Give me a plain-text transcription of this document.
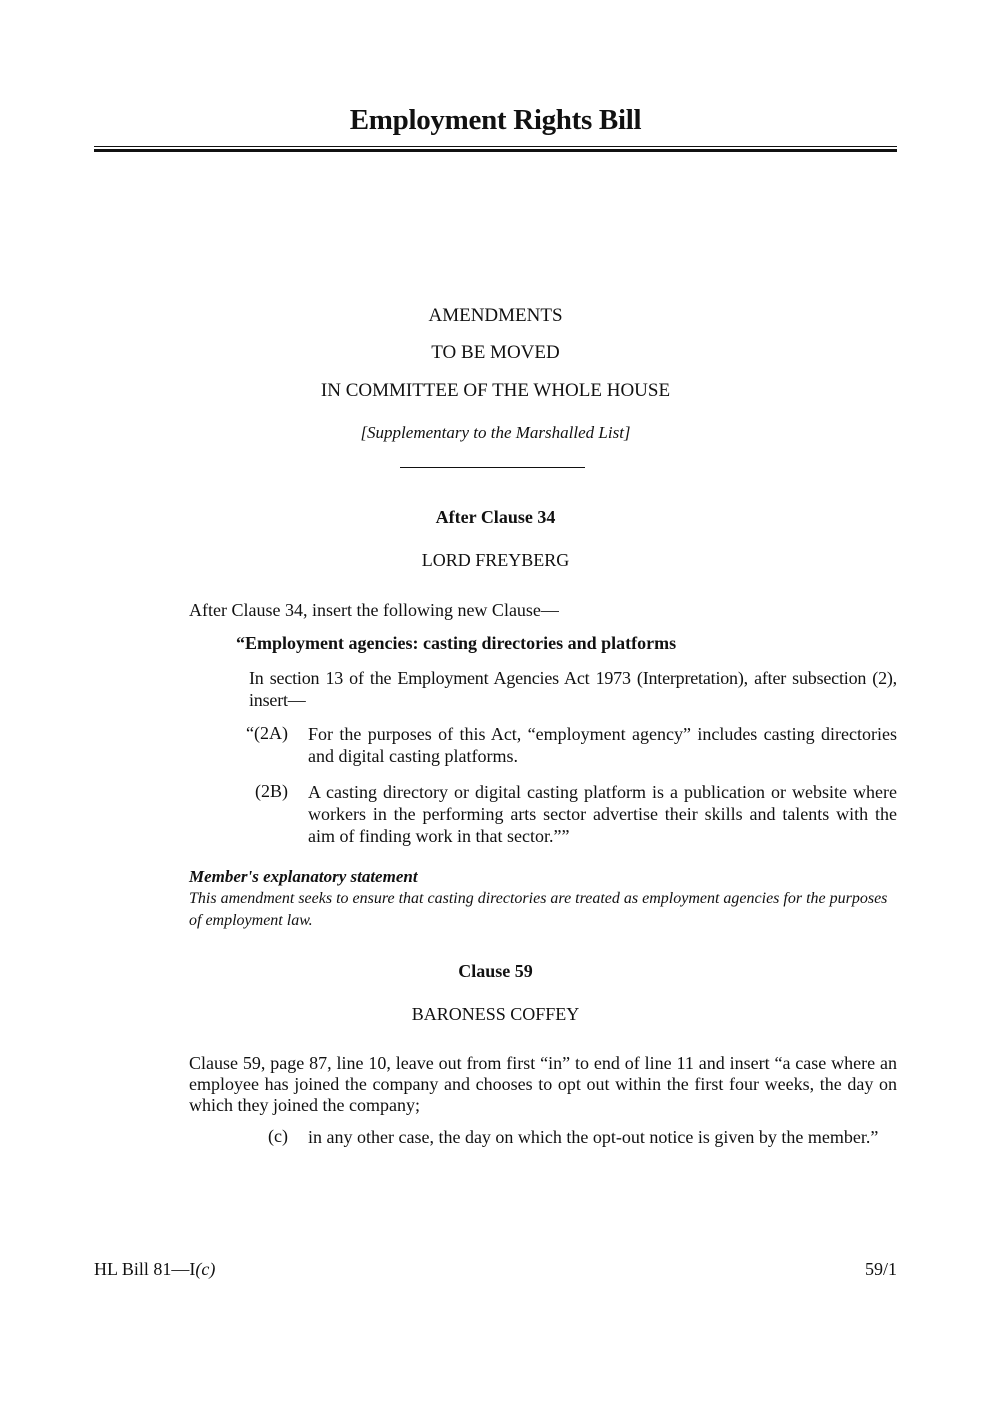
Employment Rights Bill
AMENDMENTS
TO BE MOVED
IN COMMITTEE OF THE WHOLE HOUSE
[Supplementary to the Marshalled List]
After Clause 34
LORD FREYBERG
After Clause 34, insert the following new Clause—
“Employment agencies: casting directories and platforms
In section 13 of the Employment Agencies Act 1973 (Interpretation), after subsection (2), insert—
“(2A) For the purposes of this Act, “employment agency” includes casting directories and digital casting platforms.
(2B) A casting directory or digital casting platform is a publication or website where workers in the performing arts sector advertise their skills and talents with the aim of finding work in that sector.””
Member's explanatory statement
This amendment seeks to ensure that casting directories are treated as employment agencies for the purposes of employment law.
Clause 59
BARONESS COFFEY
Clause 59, page 87, line 10, leave out from first “in” to end of line 11 and insert “a case where an employee has joined the company and chooses to opt out within the first four weeks, the day on which they joined the company;
(c) in any other case, the day on which the opt-out notice is given by the member.”
HL Bill 81—I(c)	59/1
